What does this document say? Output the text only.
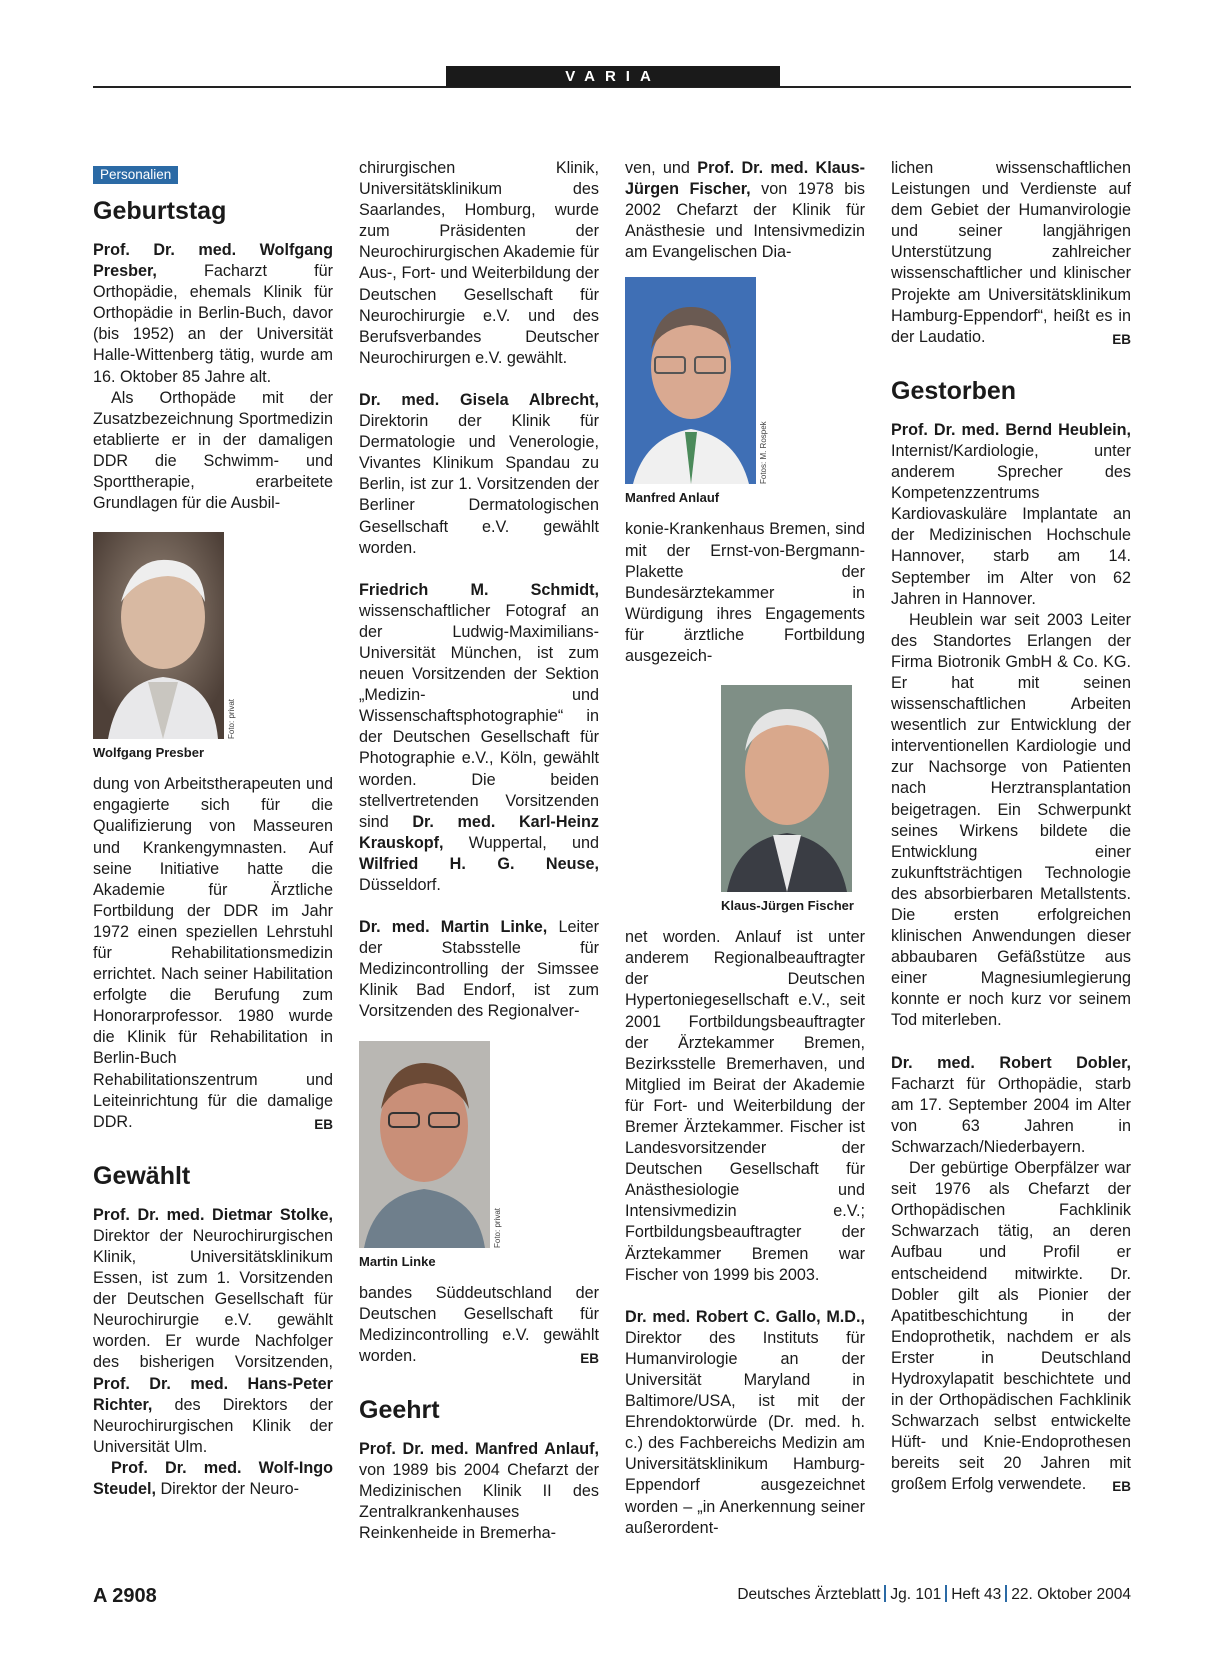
VARIA
Personalien
Geburtstag

Prof. Dr. med. Wolfgang Presber, Facharzt für Orthopädie, ehemals Klinik für Orthopädie in Berlin-Buch, davor (bis 1952) an der Universität Halle-Wittenberg tätig, wurde am 16. Oktober 85 Jahre alt.

Als Orthopäde mit der Zusatzbezeichnung Sportmedizin etablierte er in der damaligen DDR die Schwimm- und Sporttherapie, erarbeitete Grundlagen für die Ausbil-

Foto: privat
Wolfgang Presber

dung von Arbeitstherapeuten und engagierte sich für die Qualifizierung von Masseuren und Krankengymnasten. Auf seine Initiative hatte die Akademie für Ärztliche Fortbildung der DDR im Jahr 1972 einen speziellen Lehrstuhl für Rehabilitationsmedizin errichtet. Nach seiner Habilitation erfolgte die Berufung zum Honorarprofessor. 1980 wurde die Klinik für Rehabilitation in Berlin-Buch Rehabilitationszentrum und Leiteinrichtung für die damalige DDR.	EB

Gewählt

Prof. Dr. med. Dietmar Stolke, Direktor der Neurochirurgischen Klinik, Universitätsklinikum Essen, ist zum 1. Vorsitzenden der Deutschen Gesellschaft für Neurochirurgie e.V. gewählt worden. Er wurde Nachfolger des bisherigen Vorsitzenden, Prof. Dr. med. Hans-Peter Richter, des Direktors der Neurochirurgischen Klinik der Universität Ulm.

Prof. Dr. med. Wolf-Ingo Steudel, Direktor der Neuro-

chirurgischen Klinik, Universitätsklinikum des Saarlandes, Homburg, wurde zum Präsidenten der Neurochirurgischen Akademie für Aus-, Fort- und Weiterbildung der Deutschen Gesellschaft für Neurochirurgie e.V. und des Berufsverbandes Deutscher Neurochirurgen e.V. gewählt.

Dr. med. Gisela Albrecht, Direktorin der Klinik für Dermatologie und Venerologie, Vivantes Klinikum Spandau zu Berlin, ist zur 1. Vorsitzenden der Berliner Dermatologischen Gesellschaft e.V. gewählt worden.

Friedrich M. Schmidt, wissenschaftlicher Fotograf an der Ludwig-Maximilians-Universität München, ist zum neuen Vorsitzenden der Sektion „Medizin- und Wissenschaftsphotographie“ in der Deutschen Gesellschaft für Photographie e.V., Köln, gewählt worden. Die beiden stellvertretenden Vorsitzenden sind Dr. med. Karl-Heinz Krauskopf, Wuppertal, und Wilfried H. G. Neuse, Düsseldorf.

Dr. med. Martin Linke, Leiter der Stabsstelle für Medizincontrolling der Simssee Klinik Bad Endorf, ist zum Vorsitzenden des Regionalver-

Foto: privat
Martin Linke

bandes Süddeutschland der Deutschen Gesellschaft für Medizincontrolling e.V. gewählt worden.	EB

Geehrt

Prof. Dr. med. Manfred Anlauf, von 1989 bis 2004 Chefarzt der Medizinischen Klinik II des Zentralkrankenhauses Reinkenheide in Bremerha-

ven, und Prof. Dr. med. Klaus-Jürgen Fischer, von 1978 bis 2002 Chefarzt der Klinik für Anästhesie und Intensivmedizin am Evangelischen Dia-

Fotos: M. Rospek
Manfred Anlauf

konie-Krankenhaus Bremen, sind mit der Ernst-von-Bergmann-Plakette der Bundesärztekammer in Würdigung ihres Engagements für ärztliche Fortbildung ausgezeich-

Klaus-Jürgen Fischer

net worden. Anlauf ist unter anderem Regionalbeauftragter der Deutschen Hypertoniegesellschaft e.V., seit 2001 Fortbildungsbeauftragter der Ärztekammer Bremen, Bezirksstelle Bremerhaven, und Mitglied im Beirat der Akademie für Fort- und Weiterbildung der Bremer Ärztekammer. Fischer ist Landesvorsitzender der Deutschen Gesellschaft für Anästhesiologie und Intensivmedizin e.V.; Fortbildungsbeauftragter der Ärztekammer Bremen war Fischer von 1999 bis 2003.

Dr. med. Robert C. Gallo, M.D., Direktor des Instituts für Humanvirologie an der Universität Maryland in Baltimore/USA, ist mit der Ehrendoktorwürde (Dr. med. h. c.) des Fachbereichs Medizin am Universitätsklinikum Hamburg-Eppendorf ausgezeichnet worden – „in Anerkennung seiner außerordent-

lichen wissenschaftlichen Leistungen und Verdienste auf dem Gebiet der Humanvirologie und seiner langjährigen Unterstützung zahlreicher wissenschaftlicher und klinischer Projekte am Universitätsklinikum Hamburg-Eppendorf“, heißt es in der Laudatio.	EB

Gestorben

Prof. Dr. med. Bernd Heublein, Internist/Kardiologie, unter anderem Sprecher des Kompetenzzentrums Kardiovaskuläre Implantate an der Medizinischen Hochschule Hannover, starb am 14. September im Alter von 62 Jahren in Hannover.

Heublein war seit 2003 Leiter des Standortes Erlangen der Firma Biotronik GmbH & Co. KG. Er hat mit seinen wissenschaftlichen Arbeiten wesentlich zur Entwicklung der interventionellen Kardiologie und zur Nachsorge von Patienten nach Herztransplantation beigetragen. Ein Schwerpunkt seines Wirkens bildete die Entwicklung einer zukunftsträchtigen Technologie des absorbierbaren Metallstents. Die ersten erfolgreichen klinischen Anwendungen dieser abbaubaren Gefäßstütze aus einer Magnesiumlegierung konnte er noch kurz vor seinem Tod miterleben.

Dr. med. Robert Dobler, Facharzt für Orthopädie, starb am 17. September 2004 im Alter von 63 Jahren in Schwarzach/Niederbayern.

Der gebürtige Oberpfälzer war seit 1976 als Chefarzt der Orthopädischen Fachklinik Schwarzach tätig, an deren Aufbau und Profil er entscheidend mitwirkte. Dr. Dobler gilt als Pionier der Apatitbeschichtung in der Endoprothetik, nachdem er als Erster in Deutschland Hydroxylapatit beschichtete und in der Orthopädischen Fachklinik Schwarzach selbst entwickelte Hüft- und Knie-Endoprothesen bereits seit 20 Jahren mit großem Erfolg verwendete.	EB

A 2908	Deutsches Ärzteblatt Jg. 101 Heft 43 22. Oktober 2004
